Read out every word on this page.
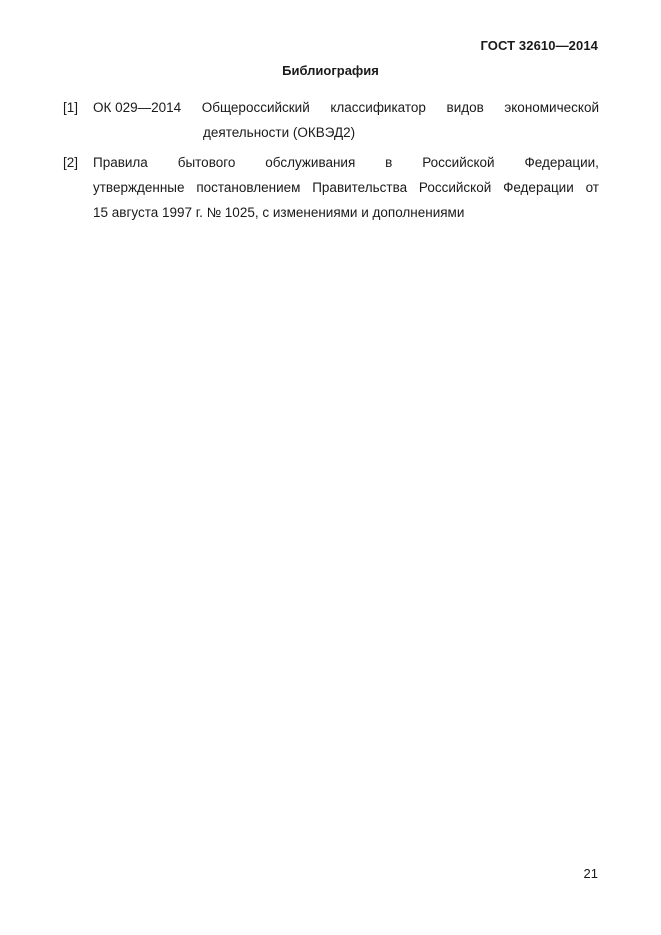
ГОСТ 32610—2014
Библиография
[1] ОК 029—2014 Общероссийский классификатор видов экономической
деятельности (ОКВЭД2)
[2] Правила бытового обслуживания в Российской Федерации,
утвержденные постановлением Правительства Российской Федерации от
15 августа 1997 г. № 1025, с изменениями и дополнениями
21
